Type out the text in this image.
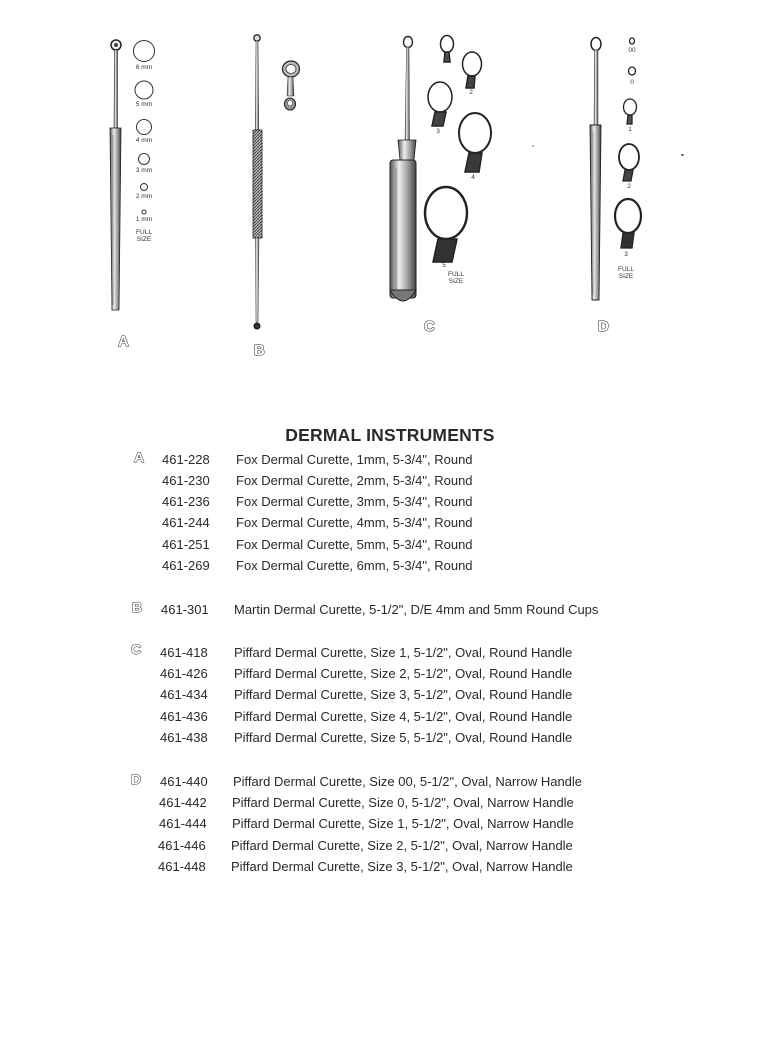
6 mm
5 mm
4 mm
3 mm
2 mm
1 mm
FULL SIZE
1
2
3
4
5
FULL SIZE
00
0
1
2
3
FULL SIZE
A
B
C	D
DERMAL INSTRUMENTS
A 461-228 Fox Dermal Curette, 1mm, 5-3/4", Round
461-230 Fox Dermal Curette, 2mm, 5-3/4", Round
461-236 Fox Dermal Curette, 3mm, 5-3/4", Round
461-244 Fox Dermal Curette, 4mm, 5-3/4", Round
461-251 Fox Dermal Curette, 5mm, 5-3/4", Round
461-269 Fox Dermal Curette, 6mm, 5-3/4", Round
B 461-301 Martin Dermal Curette, 5-1/2", D/E 4mm and 5mm Round Cups
C 461-418 Piffard Dermal Curette, Size 1, 5-1/2", Oval, Round Handle
461-426 Piffard Dermal Curette, Size 2, 5-1/2", Oval, Round Handle
461-434 Piffard Dermal Curette, Size 3, 5-1/2", Oval, Round Handle
461-436 Piffard Dermal Curette, Size 4, 5-1/2", Oval, Round Handle
461-438 Piffard Dermal Curette, Size 5, 5-1/2", Oval, Round Handle
D 461-440 Piffard Dermal Curette, Size 00, 5-1/2", Oval, Narrow Handle
461-442 Piffard Dermal Curette, Size 0, 5-1/2", Oval, Narrow Handle
461-444 Piffard Dermal Curette, Size 1, 5-1/2", Oval, Narrow Handle
461-446 Piffard Dermal Curette, Size 2, 5-1/2", Oval, Narrow Handle
461-448 Piffard Dermal Curette, Size 3, 5-1/2", Oval, Narrow Handle
